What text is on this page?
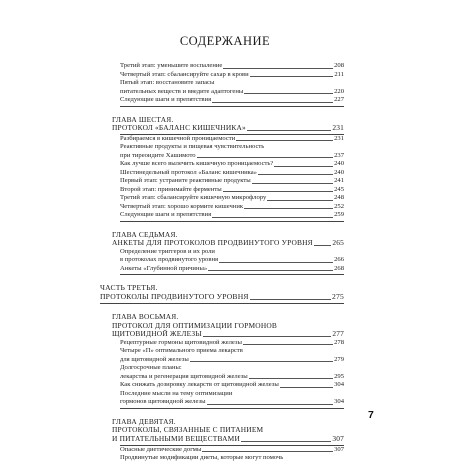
СОДЕРЖАНИЕ
Третий этап: уменьшите воспаление	208
Четвертый этап: сбалансируйте сахар в крови	211
Пятый этап: восстановите запасы
питательных веществ и введите адаптогены	220
Следующие шаги и препятствия	227
ГЛАВА ШЕСТАЯ.
ПРОТОКОЛ «БАЛАНС КИШЕЧНИКА»	231
Разбираемся в кишечной проницаемости	231
Реактивные продукты и пищевая чувствительность
при тиреоидите Хашимото	237
Как лучше всего вылечить кишечную проницаемость?	240
Шестинедельный протокол «Баланс кишечника»	240
Первый этап: устраните реактивные продукты	241
Второй этап: принимайте ферменты	245
Третий этап: сбалансируйте кишечную микрофлору	248
Четвертый этап: хорошо кормите кишечник	252
Следующие шаги и препятствия	259
ГЛАВА СЕДЬМАЯ.
АНКЕТЫ ДЛЯ ПРОТОКОЛОВ ПРОДВИНУТОГО УРОВНЯ	265
Определение триггеров и их роли
в протоколах продвинутого уровня	266
Анкеты «Глубинной причины»	268
ЧАСТЬ ТРЕТЬЯ.
ПРОТОКОЛЫ ПРОДВИНУТОГО УРОВНЯ	275
ГЛАВА ВОСЬМАЯ.
ПРОТОКОЛ ДЛЯ ОПТИМИЗАЦИИ ГОРМОНОВ
ЩИТОВИДНОЙ ЖЕЛЕЗЫ	277
Рецептурные гормоны щитовидной железы	278
Четыре «П» оптимального приема лекарств
для щитовидной железы	279
Долгосрочные планы:
лекарства и регенерация щитовидной железы	295
Как снижать дозировку лекарств от щитовидной железы	304
Последние мысли на тему оптимизации
гормонов щитовидной железы	304
ГЛАВА ДЕВЯТАЯ.
ПРОТОКОЛЫ, СВЯЗАННЫЕ С ПИТАНИЕМ
И ПИТАТЕЛЬНЫМИ ВЕЩЕСТВАМИ	307
Опасные диетические догмы	307
Продвинутые модификации диеты, которые могут помочь
7
